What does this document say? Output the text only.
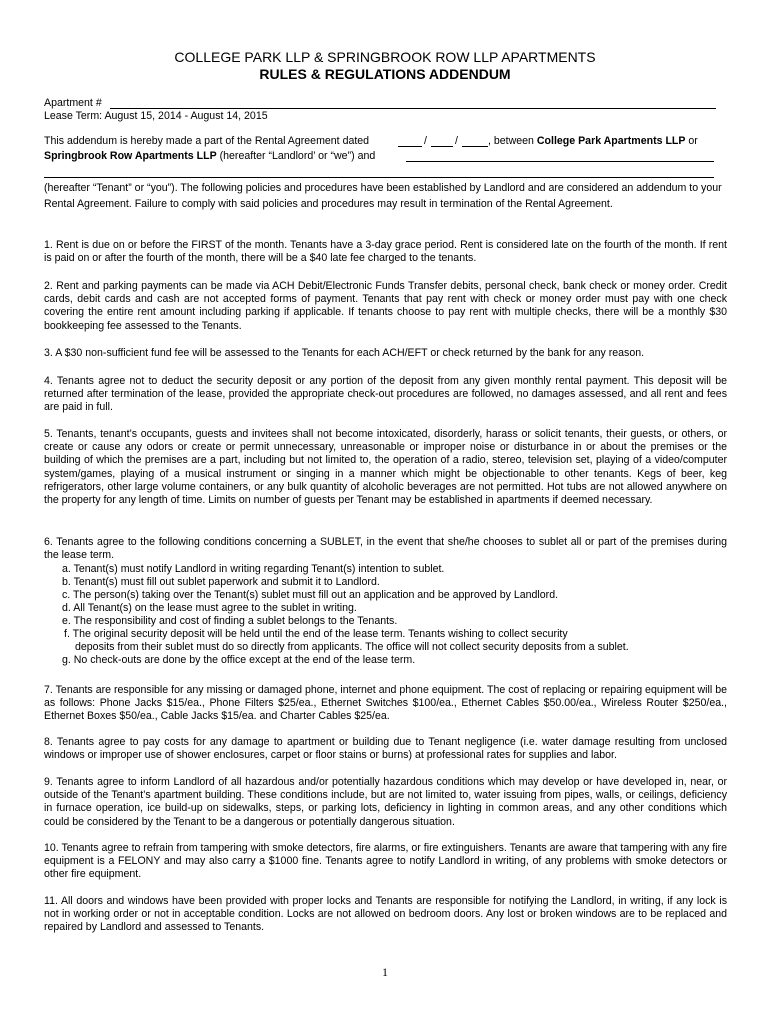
COLLEGE PARK LLP & SPRINGBROOK ROW LLP APARTMENTS
RULES & REGULATIONS ADDENDUM
Apartment #
Lease Term: August 15, 2014 - August 14, 2015
This addendum is hereby made a part of the Rental Agreement dated	/	/	, between College Park Apartments LLP or
Springbrook Row Apartments LLP (hereafter “Landlord’ or “we”) and
(hereafter “Tenant” or “you”). The following policies and procedures have been established by Landlord and are considered an addendum to your Rental Agreement. Failure to comply with said policies and procedures may result in termination of the Rental Agreement.
1. Rent is due on or before the FIRST of the month. Tenants have a 3-day grace period. Rent is considered late on the fourth of the month. If rent is paid on or after the fourth of the month, there will be a $40 late fee charged to the tenants.
2. Rent and parking payments can be made via ACH Debit/Electronic Funds Transfer debits, personal check, bank check or money order. Credit cards, debit cards and cash are not accepted forms of payment. Tenants that pay rent with check or money order must pay with one check covering the entire rent amount including parking if applicable. If tenants choose to pay rent with multiple checks, there will be a monthly $30 bookkeeping fee assessed to the Tenants.
3. A $30 non-sufficient fund fee will be assessed to the Tenants for each ACH/EFT or check returned by the bank for any reason.
4. Tenants agree not to deduct the security deposit or any portion of the deposit from any given monthly rental payment. This deposit will be returned after termination of the lease, provided the appropriate check-out procedures are followed, no damages assessed, and all rent and fees are paid in full.
5. Tenants, tenant’s occupants, guests and invitees shall not become intoxicated, disorderly, harass or solicit tenants, their guests, or others, or create or cause any odors or create or permit unnecessary, unreasonable or improper noise or disturbance in or about the premises or the building of which the premises are a part, including but not limited to, the operation of a radio, stereo, television set, playing of a video/computer system/games, playing of a musical instrument or singing in a manner which might be objectionable to other tenants. Kegs of beer, keg refrigerators, other large volume containers, or any bulk quantity of alcoholic beverages are not permitted. Hot tubs are not allowed anywhere on the property for any length of time. Limits on number of guests per Tenant may be established in apartments if deemed necessary.
6. Tenants agree to the following conditions concerning a SUBLET, in the event that she/he chooses to sublet all or part of the premises during the lease term.
a. Tenant(s) must notify Landlord in writing regarding Tenant(s) intention to sublet.
b. Tenant(s) must fill out sublet paperwork and submit it to Landlord.
c. The person(s) taking over the Tenant(s) sublet must fill out an application and be approved by Landlord.
d. All Tenant(s) on the lease must agree to the sublet in writing.
e. The responsibility and cost of finding a sublet belongs to the Tenants.
f. The original security deposit will be held until the end of the lease term. Tenants wishing to collect security
deposits from their sublet must do so directly from applicants. The office will not collect security deposits from a sublet.
g. No check-outs are done by the office except at the end of the lease term.
7. Tenants are responsible for any missing or damaged phone, internet and phone equipment. The cost of replacing or repairing equipment will be as follows: Phone Jacks $15/ea., Phone Filters $25/ea., Ethernet Switches $100/ea., Ethernet Cables $50.00/ea., Wireless Router $250/ea., Ethernet Boxes $50/ea., Cable Jacks $15/ea. and Charter Cables $25/ea.
8. Tenants agree to pay costs for any damage to apartment or building due to Tenant negligence (i.e. water damage resulting from unclosed windows or improper use of shower enclosures, carpet or floor stains or burns) at professional rates for supplies and labor.
9. Tenants agree to inform Landlord of all hazardous and/or potentially hazardous conditions which may develop or have developed in, near, or outside of the Tenant’s apartment building. These conditions include, but are not limited to, water issuing from pipes, walls, or ceilings, deficiency in furnace operation, ice build-up on sidewalks, steps, or parking lots, deficiency in lighting in common areas, and any other conditions which could be considered by the Tenant to be a dangerous or potentially dangerous situation.
10. Tenants agree to refrain from tampering with smoke detectors, fire alarms, or fire extinguishers. Tenants are aware that tampering with any fire equipment is a FELONY and may also carry a $1000 fine. Tenants agree to notify Landlord in writing, of any problems with smoke detectors or other fire equipment.
11. All doors and windows have been provided with proper locks and Tenants are responsible for notifying the Landlord, in writing, if any lock is not in working order or not in acceptable condition. Locks are not allowed on bedroom doors. Any lost or broken windows are to be replaced and repaired by Landlord and assessed to Tenants.
1
